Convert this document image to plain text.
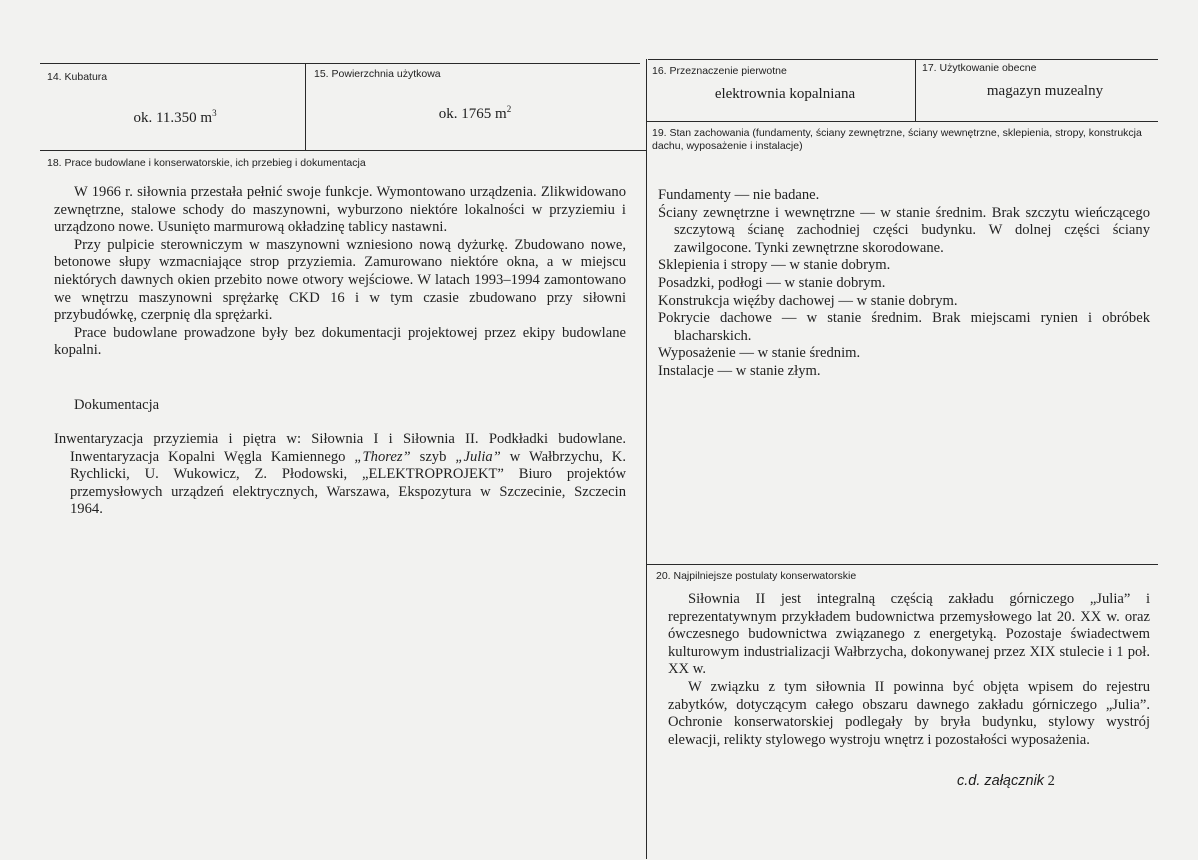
14. Kubatura
ok. 11.350 $m^3$
15. Powierzchnia użytkowa
ok. 1765 $m^2$
16. Przeznaczenie pierwotne
elektrownia kopalniana
17. Użytkowanie obecne
magazyn muzealny
18. Prace budowlane i konserwatorskie, ich przebieg i dokumentacja

W 1966 r. siłownia przestała pełnić swoje funkcje. Wymontowano urządzenia. Zlikwidowano zewnętrzne, stalowe schody do maszynowni, wyburzono niektóre lokalności w przyziemiu i urządzono nowe. Usunięto marmurową okładzinę tablicy nastawni.

Przy pulpicie sterowniczym w maszynowni wzniesiono nową dyżurkę. Zbudowano nowe, betonowe słupy wzmacniające strop przyziemia. Zamurowano niektóre okna, a w miejscu niektórych dawnych okien przebito nowe otwory wejściowe. W latach 1993–1994 zamontowano we wnętrzu maszynowni sprężarkę CKD 16 i w tym czasie zbudowano przy siłowni przybudówkę, czerpnię dla sprężarki.

Prace budowlane prowadzone były bez dokumentacji projektowej przez ekipy budowlane kopalni.

Dokumentacja

Inwentaryzacja przyziemia i piętra w: Siłownia I i Siłownia II. Podkładki budowlane. Inwentaryzacja Kopalni Węgla Kamiennego „Thorez” szyb „Julia” w Wałbrzychu, K. Rychlicki, U. Wukowicz, Z. Płodowski, „ELEKTROPROJEKT” Biuro projektów przemysłowych urządzeń elektrycznych, Warszawa, Ekspozytura w Szczecinie, Szczecin 1964.

19. Stan zachowania (fundamenty, ściany zewnętrzne, ściany wewnętrzne, sklepienia, stropy, konstrukcja dachu, wyposażenie i instalacje)

Fundamenty — nie badane.

Ściany zewnętrzne i wewnętrzne — w stanie średnim. Brak szczytu wieńczącego szczytową ścianę zachodniej części budynku. W dolnej części ściany zawilgocone. Tynki zewnętrzne skorodowane.

Sklepienia i stropy — w stanie dobrym.

Posadzki, podłogi — w stanie dobrym.

Konstrukcja więźby dachowej — w stanie dobrym.

Pokrycie dachowe — w stanie średnim. Brak miejscami rynien i obróbek blacharskich.

Wyposażenie — w stanie średnim.

Instalacje — w stanie złym.

20. Najpilniejsze postulaty konserwatorskie

Siłownia II jest integralną częścią zakładu górniczego „Julia” i reprezentatywnym przykładem budownictwa przemysłowego lat 20. XX w. oraz ówczesnego budownictwa związanego z energetyką. Pozostaje świadectwem kulturowym industrializacji Wałbrzycha, dokonywanej przez XIX stulecie i 1 poł. XX w.

W związku z tym siłownia II powinna być objęta wpisem do rejestru zabytków, dotyczącym całego obszaru dawnego zakładu górniczego „Julia”. Ochronie konserwatorskiej podlegały by bryła budynku, stylowy wystrój elewacji, relikty stylowego wystroju wnętrz i pozostałości wyposażenia.

c.d. załącznik 2
